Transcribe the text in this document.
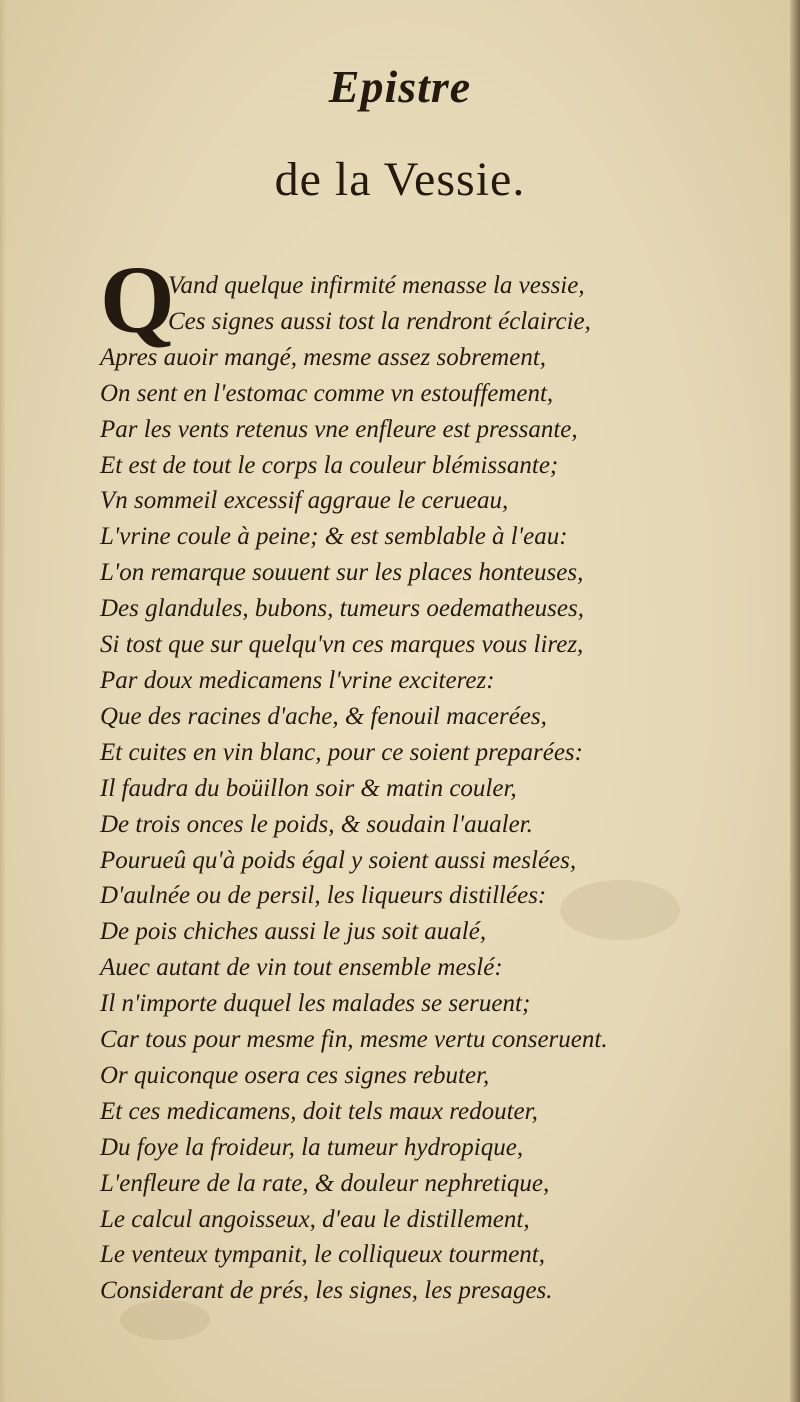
Epistre
de la Vessie.
Q
Vand quelque infirmité menasse la vessie,
Ces signes aussi tost la rendront éclaircie,
Apres auoir mangé, mesme assez sobrement,
On sent en l'estomac comme vn estouffement,
Par les vents retenus vne enfleure est pressante,
Et est de tout le corps la couleur blémissante;
Vn sommeil excessif aggraue le cerueau,
L'vrine coule à peine; & est semblable à l'eau:
L'on remarque souuent sur les places honteuses,
Des glandules, bubons, tumeurs oedematheuses,
Si tost que sur quelqu'vn ces marques vous lirez,
Par doux medicamens l'vrine exciterez:
Que des racines d'ache, & fenouil macerées,
Et cuites en vin blanc, pour ce soient preparées:
Il faudra du boüillon soir & matin couler,
De trois onces le poids, & soudain l'aualer.
Pourueû qu'à poids égal y soient aussi meslées,
D'aulnée ou de persil, les liqueurs distillées:
De pois chiches aussi le jus soit aualé,
Auec autant de vin tout ensemble meslé:
Il n'importe duquel les malades se seruent;
Car tous pour mesme fin, mesme vertu conseruent.
Or quiconque osera ces signes rebuter,
Et ces medicamens, doit tels maux redouter,
Du foye la froideur, la tumeur hydropique,
L'enfleure de la rate, & douleur nephretique,
Le calcul angoisseux, d'eau le distillement,
Le venteux tympanit, le colliqueux tourment,
Considerant de prés, les signes, les presages.
